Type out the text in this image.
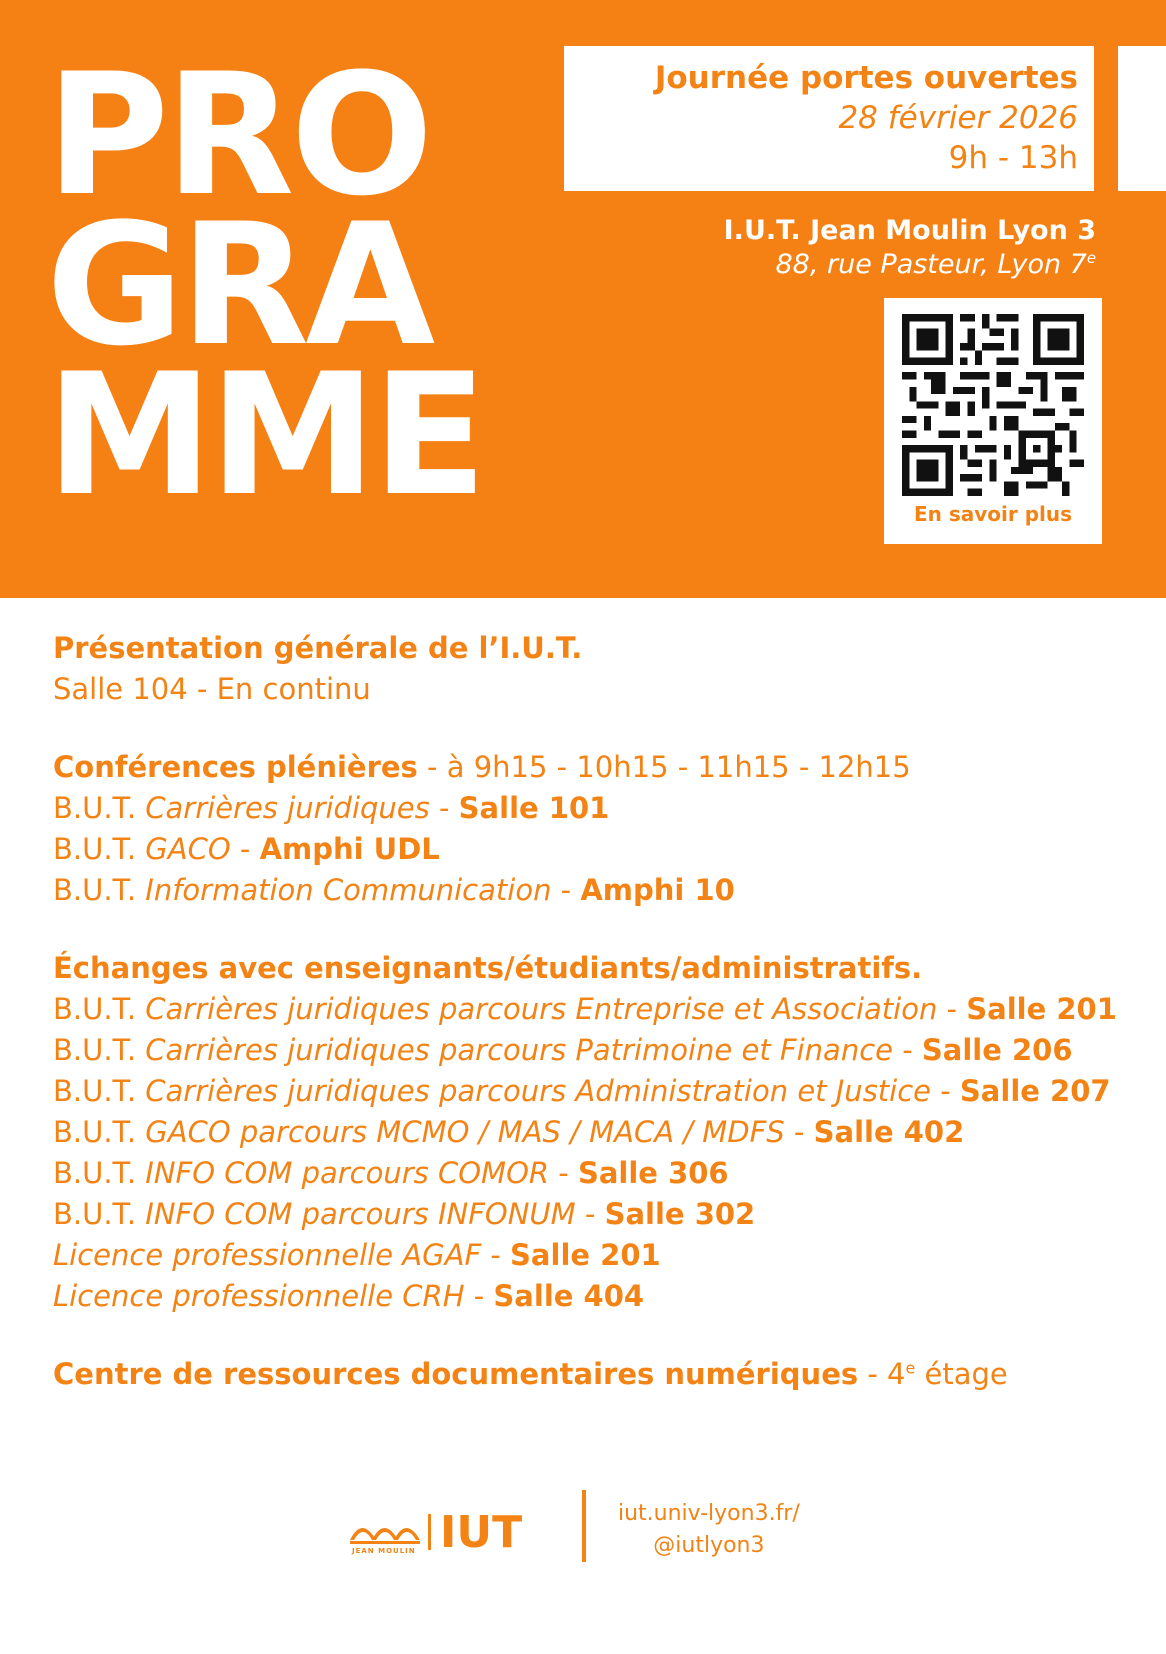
PRO
GRA
MME
Journée portes ouvertes
28 février 2026
9h - 13h
I.U.T. Jean Moulin Lyon 3
88, rue Pasteur, Lyon 7e
En savoir plus
Présentation générale de l’I.U.T.
Salle 104 - En continu
Conférences plénières - à 9h15 - 10h15 - 11h15 - 12h15
B.U.T. Carrières juridiques - Salle 101
B.U.T. GACO - Amphi UDL
B.U.T. Information Communication - Amphi 10
Échanges avec enseignants/étudiants/administratifs.
B.U.T. Carrières juridiques parcours Entreprise et Association - Salle 201
B.U.T. Carrières juridiques parcours Patrimoine et Finance - Salle 206
B.U.T. Carrières juridiques parcours Administration et Justice - Salle 207
B.U.T. GACO parcours MCMO / MAS / MACA / MDFS - Salle 402
B.U.T. INFO COM parcours COMOR - Salle 306
B.U.T. INFO COM parcours INFONUM - Salle 302
Licence professionnelle AGAF - Salle 201
Licence professionnelle CRH - Salle 404
Centre de ressources documentaires numériques - 4e étage
JEAN MOULIN IUT	iut.univ-lyon3.fr/
@iutlyon3
